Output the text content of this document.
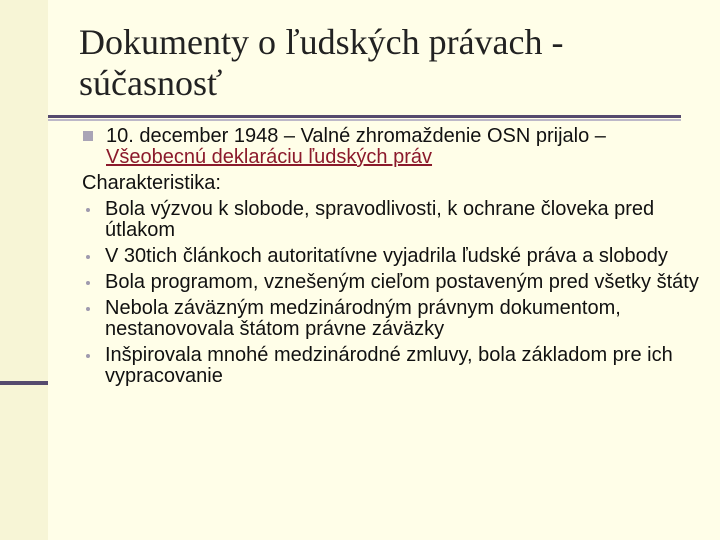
Dokumenty o ľudských právach - súčasnosť
10. december 1948 – Valné zhromaždenie OSN prijalo – Všeobecnú deklaráciu ľudských práv
Charakteristika:
Bola výzvou k slobode, spravodlivosti, k ochrane človeka pred útlakom
V 30tich článkoch autoritatívne vyjadrila ľudské práva a slobody
Bola programom, vznešeným cieľom postaveným pred všetky štáty
Nebola záväzným medzinárodným právnym dokumentom, nestanovovala štátom právne záväzky
Inšpirovala mnohé medzinárodné zmluvy, bola základom pre ich vypracovanie
